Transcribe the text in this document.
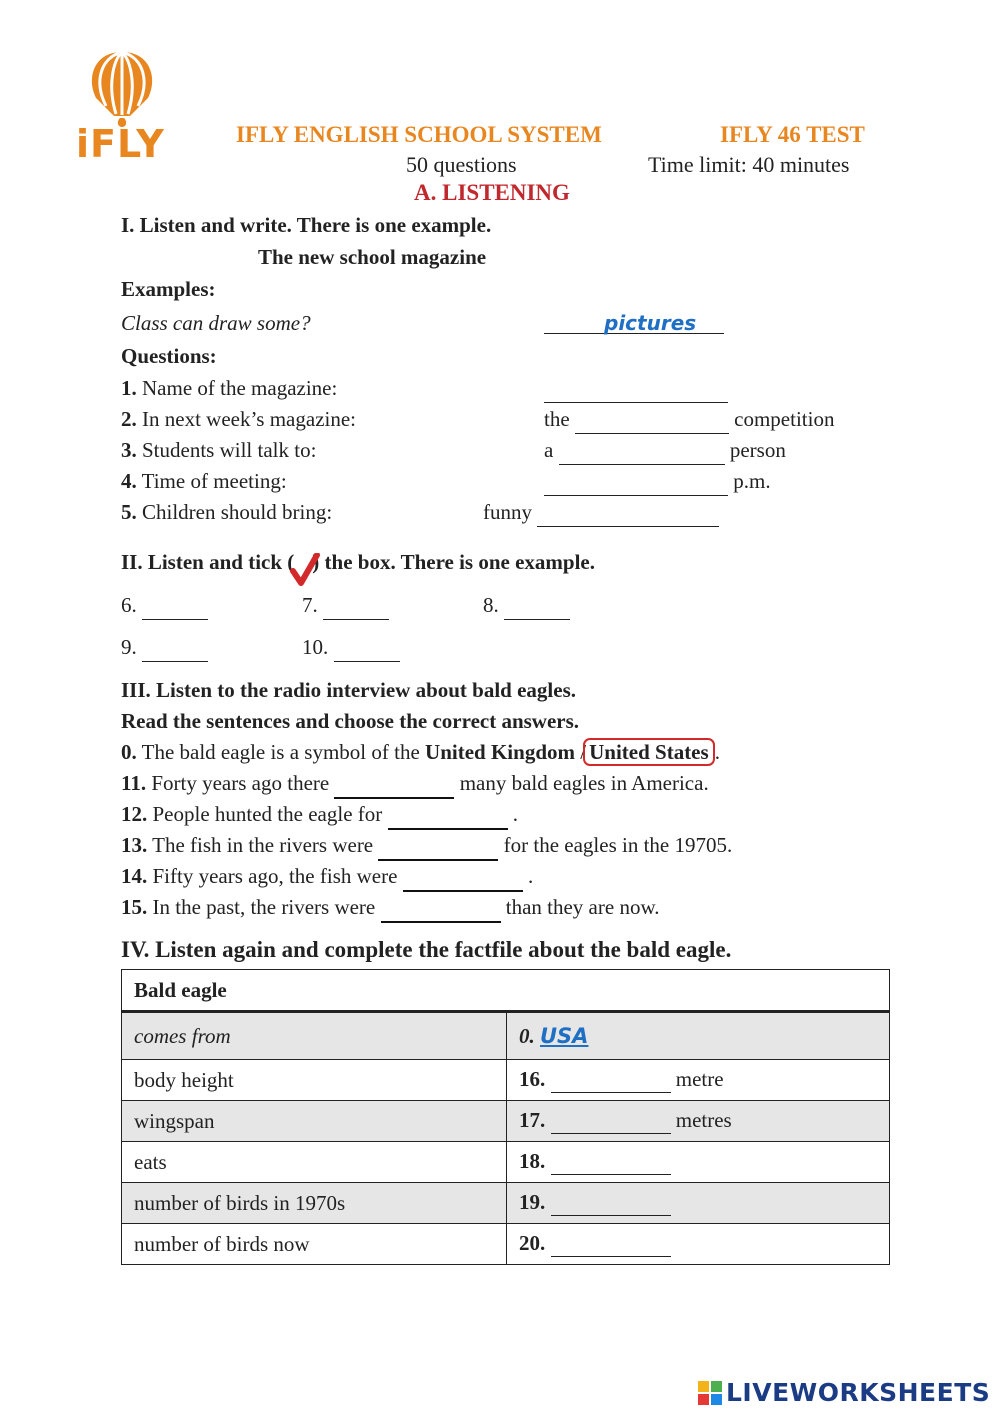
iFLY	IFLY ENGLISH SCHOOL SYSTEM	IFLY 46 TEST
50 questions	Time limit: 40 minutes
A. LISTENING
I. Listen and write. There is one example.
The new school magazine
Examples:
Class can draw some?	pictures
Questions:
1. Name of the magazine:
2. In next week’s magazine:	the	competition
3. Students will talk to:	a	person
4. Time of meeting:	p.m.
5. Children should bring:	funny
II. Listen and tick ( ) the box. There is one example.
6.	7.	8.
9.	10.
III. Listen to the radio interview about bald eagles.
Read the sentences and choose the correct answers.
0. The bald eagle is a symbol of the United Kingdom / United States .
11. Forty years ago there	many bald eagles in America.
12. People hunted the eagle for	.
13. The fish in the rivers were	for the eagles in the 19705.
14. Fifty years ago, the fish were	.
15. In the past, the rivers were	than they are now.
IV. Listen again and complete the factfile about the bald eagle.
Bald eagle	
comes from	0. USA
body height	16. metre
wingspan	17. metres
eats	18.
number of birds in 1970s	19.
number of birds now	20.
LIVEWORKSHEETS
